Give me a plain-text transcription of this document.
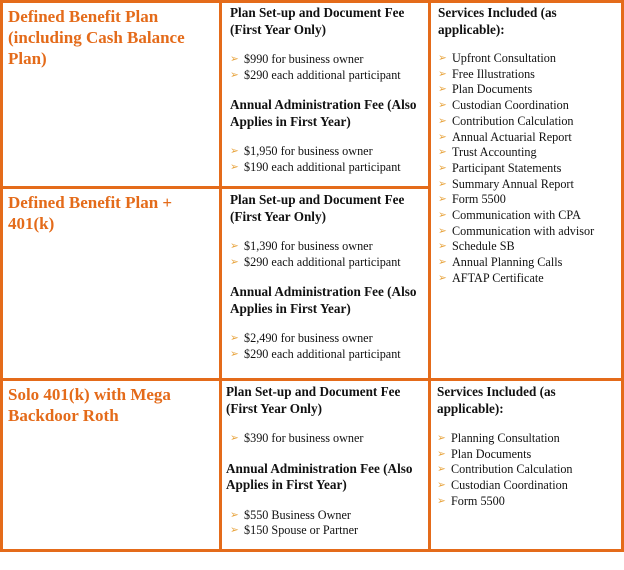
Defined Benefit Plan (including Cash Balance Plan)
Plan Set-up and Document Fee (First Year Only)
➢ $990 for business owner
➢ $290 each additional participant
Annual Administration Fee (Also Applies in First Year)
➢ $1,950 for business owner
➢ $190 each additional participant
Services Included (as applicable):
➢ Upfront Consultation
➢ Free Illustrations
➢ Plan Documents
➢ Custodian Coordination
➢ Contribution Calculation
➢ Annual Actuarial Report
➢ Trust Accounting
➢ Participant Statements
➢ Summary Annual Report
➢ Form 5500
➢ Communication with CPA
➢ Communication with advisor
➢ Schedule SB
➢ Annual Planning Calls
➢ AFTAP Certificate
Defined Benefit Plan + 401(k)
Plan Set-up and Document Fee (First Year Only)
➢ $1,390 for business owner
➢ $290 each additional participant
Annual Administration Fee (Also Applies in First Year)
➢ $2,490 for business owner
➢ $290 each additional participant
Solo 401(k) with Mega Backdoor Roth
Plan Set-up and Document Fee (First Year Only)
➢ $390 for business owner
Annual Administration Fee (Also Applies in First Year)
➢ $550 Business Owner
➢ $150 Spouse or Partner
Services Included (as applicable):
➢ Planning Consultation
➢ Plan Documents
➢ Contribution Calculation
➢ Custodian Coordination
➢ Form 5500
